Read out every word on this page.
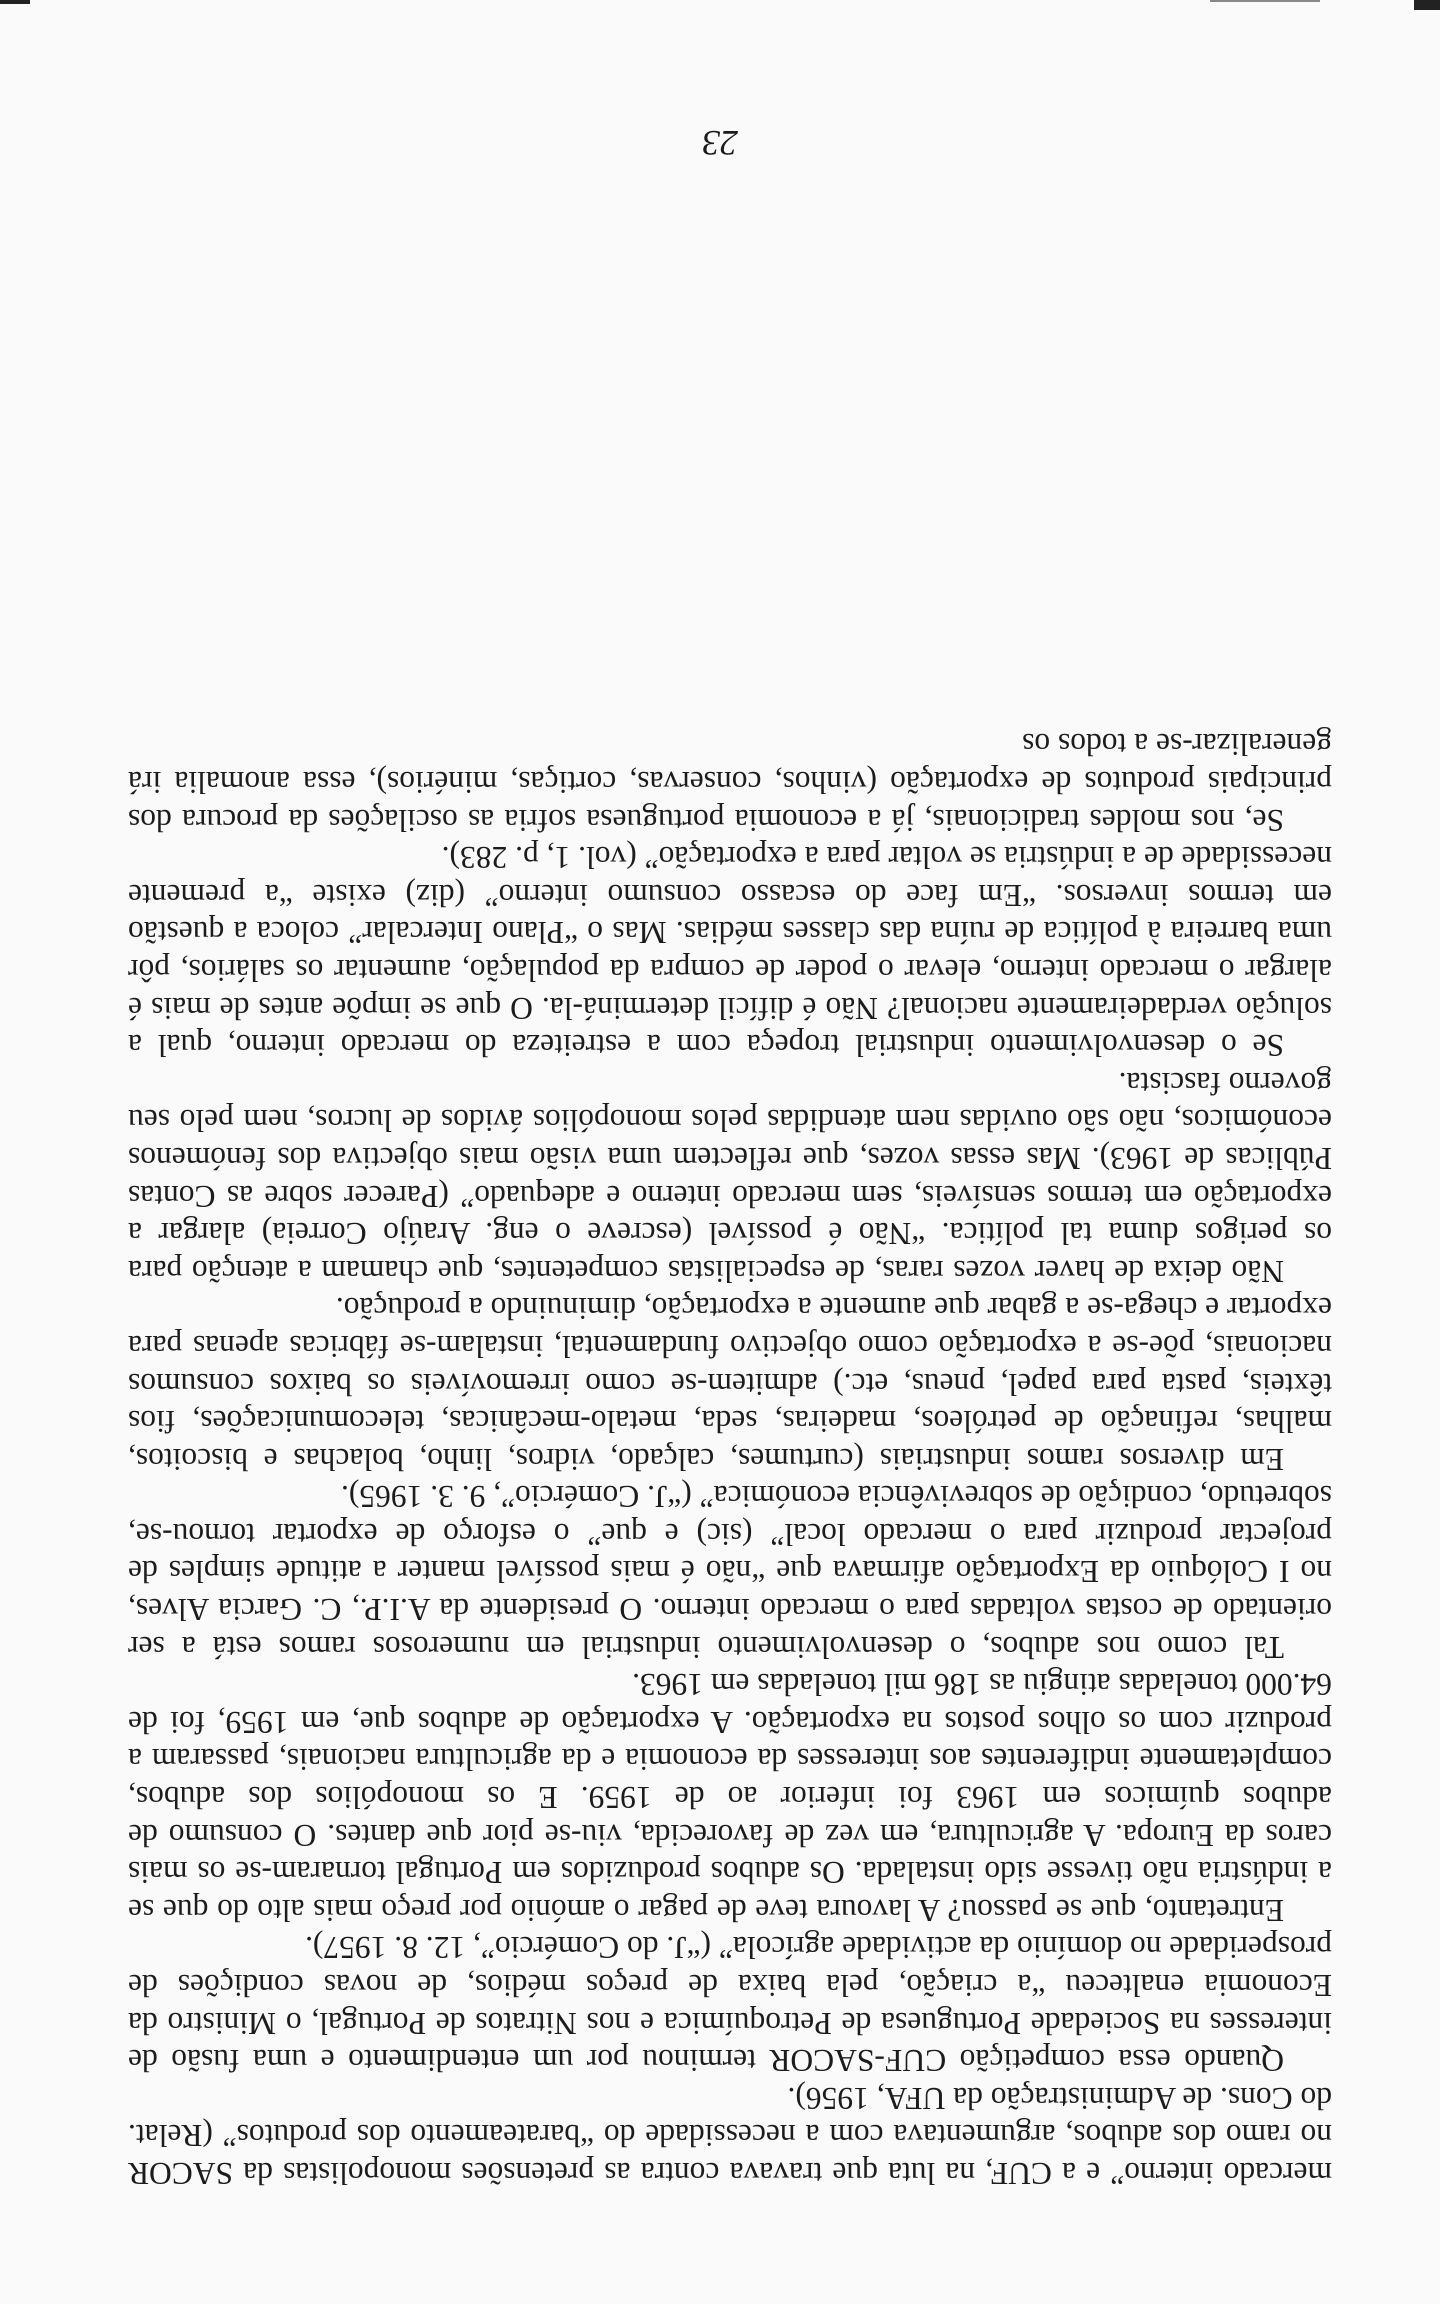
mercado interno” e a CUF, na luta que travava contra as pretensões monopolistas da SACOR no ramo dos adubos, argumentava com a necessidade do “barateamento dos produtos” (Relat. do Cons. de Administração da UFA, 1956).

Quando essa competição CUF-SACOR terminou por um entendimento e uma fusão de interesses na Sociedade Portuguesa de Petroquímica e nos Nitratos de Portugal, o Ministro da Economia enalteceu “a criação, pela baixa de preços médios, de novas condições de prosperidade no domínio da actividade agrícola” (“J. do Comércio”, 12. 8. 1957).

Entretanto, que se passou? A lavoura teve de pagar o amónio por preço mais alto do que se a indústria não tivesse sido instalada. Os adubos produzidos em Portugal tornaram-se os mais caros da Europa. A agricultura, em vez de favorecida, viu-se pior que dantes. O consumo de adubos químicos em 1963 foi inferior ao de 1959. E os monopólios dos adubos, completamente indiferentes aos interesses da economia e da agricultura nacionais, passaram a produzir com os olhos postos na exportação. A exportação de adubos que, em 1959, foi de 64.000 toneladas atingiu as 186 mil toneladas em 1963.

Tal como nos adubos, o desenvolvimento industrial em numerosos ramos está a ser orientado de costas voltadas para o mercado interno. O presidente da A.I.P., C. Garcia Alves, no I Colóquio da Exportação afirmava que “não é mais possível manter a atitude simples de projectar produzir para o mercado local” (sic) e que” o esforço de exportar tornou-se, sobretudo, condição de sobrevivência económica” (“J. Comércio”, 9. 3. 1965).

Em diversos ramos industriais (curtumes, calçado, vidros, linho, bolachas e biscoitos, malhas, refinação de petróleos, madeiras, seda, metalo-mecânicas, telecomunicações, fios têxteis, pasta para papel, pneus, etc.) admitem-se como irremovíveis os baixos consumos nacionais, põe-se a exportação como objectivo fundamental, instalam-se fábricas apenas para exportar e chega-se a gabar que aumente a exportação, diminuindo a produção.

Não deixa de haver vozes raras, de especialistas competentes, que chamam a atenção para os perigos duma tal política. “Não é possível (escreve o eng. Araújo Correia) alargar a exportação em termos sensíveis, sem mercado interno e adequado” (Parecer sobre as Contas Públicas de 1963). Mas essas vozes, que reflectem uma visão mais objectiva dos fenómenos económicos, não são ouvidas nem atendidas pelos monopólios ávidos de lucros, nem pelo seu governo fascista.

Se o desenvolvimento industrial tropeça com a estreiteza do mercado interno, qual a solução verdadeiramente nacional? Não é difícil determiná-la. O que se impõe antes de mais é alargar o mercado interno, elevar o poder de compra da população, aumentar os salários, pôr uma barreira à política de ruína das classes médias. Mas o “Plano Intercalar” coloca a questão em termos inversos. “Em face do escasso consumo interno” (diz) existe “a premente necessidade de a indústria se voltar para a exportação” (vol. 1, p. 283).

Se, nos moldes tradicionais, já a economia portuguesa sofria as oscilações da procura dos principais produtos de exportação (vinhos, conservas, cortiças, minérios), essa anomalia irá generalizar-se a todos os

23
